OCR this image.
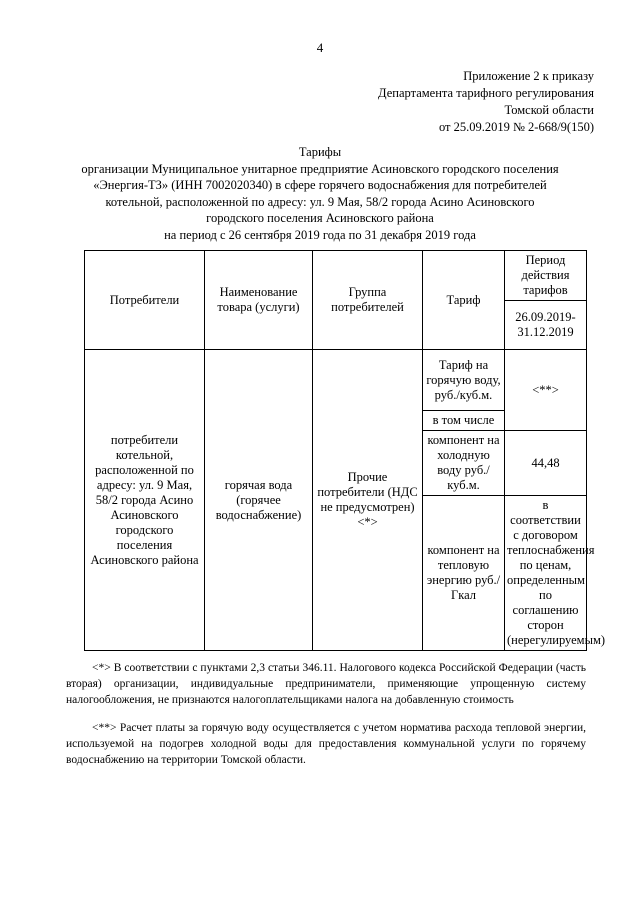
4
Приложение 2 к приказу
Департамента тарифного регулирования
Томской области
от 25.09.2019 № 2-668/9(150)
Тарифы
организации Муниципальное унитарное предприятие Асиновского городского поселения
«Энергия-ТЗ» (ИНН 7002020340) в сфере горячего водоснабжения для потребителей
котельной, расположенной по адресу: ул. 9 Мая, 58/2 города Асино Асиновского
городского поселения Асиновского района
на период с 26 сентября 2019 года по 31 декабря 2019 года
Потребители	Наименование товара (услуги)	Группа потребителей	Тариф	Период действия тарифов
				26.09.2019-31.12.2019
потребители котельной, расположенной по адресу: ул. 9 Мая, 58/2 города Асино Асиновского городского поселения Асиновского района	горячая вода (горячее водоснабжение)	Прочие потребители (НДС не предусмотрен) <*>	Тариф на горячую воду, руб./куб.м.	<**>
			в том числе	
			компонент на холодную воду руб./куб.м.	44,48
			компонент на тепловую энергию руб./Гкал	в соответствии с договором теплоснабжения по ценам, определенным по соглашению сторон (нерегулируемым)

<*> В соответствии с пунктами 2,3 статьи 346.11. Налогового кодекса Российской Федерации (часть вторая) организации, индивидуальные предприниматели, применяющие упрощенную систему налогообложения, не признаются налогоплательщиками налога на добавленную стоимость

<**> Расчет платы за горячую воду осуществляется с учетом норматива расхода тепловой энергии, используемой на подогрев холодной воды для предоставления коммунальной услуги по горячему водоснабжению на территории Томской области.
